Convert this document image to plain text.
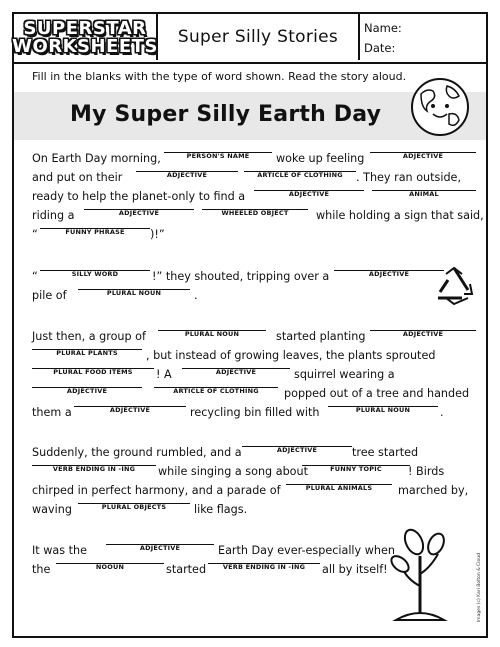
SUPERSTAR
WORKSHEETS	Super Silly Stories	Name:
Date:
Fill in the blanks with the type of word shown. Read the story aloud.
My Super Silly Earth Day
Images (c) Kari Bolton & Cloud
On Earth Day morning,	PERSON'S NAME	woke up feeling	ADJECTIVE
and put on their	ADJECTIVE	ARTICLE OF CLOTHING	. They ran outside,
ready to help the planet-only to find a	ADJECTIVE	ANIMAL
riding a	ADJECTIVE	WHEELED OBJECT	while holding a sign that said,
“	FUNNY PHRASE	)!”
“	SILLY WORD	!” they shouted, tripping over a	ADJECTIVE
pile of	PLURAL NOUN	.
Just then, a group of	PLURAL NOUN	started planting	ADJECTIVE
PLURAL PLANTS	, but instead of growing leaves, the plants sprouted
PLURAL FOOD ITEMS	! A	ADJECTIVE	squirrel wearing a
ADJECTIVE	ARTICLE OF CLOTHING	popped out of a tree and handed
them a	ADJECTIVE	recycling bin filled with	PLURAL NOUN	.
Suddenly, the ground rumbled, and a	ADJECTIVE	tree started
VERB ENDING IN -ING	while singing a song about	FUNNY TOPIC	! Birds
chirped in perfect harmony, and a parade of	PLURAL ANIMALS	marched by,
waving	PLURAL OBJECTS	like flags.
It was the	ADJECTIVE	Earth Day ever-especially when
the	NOOUN	started	VERB ENDING IN -ING	all by itself!
